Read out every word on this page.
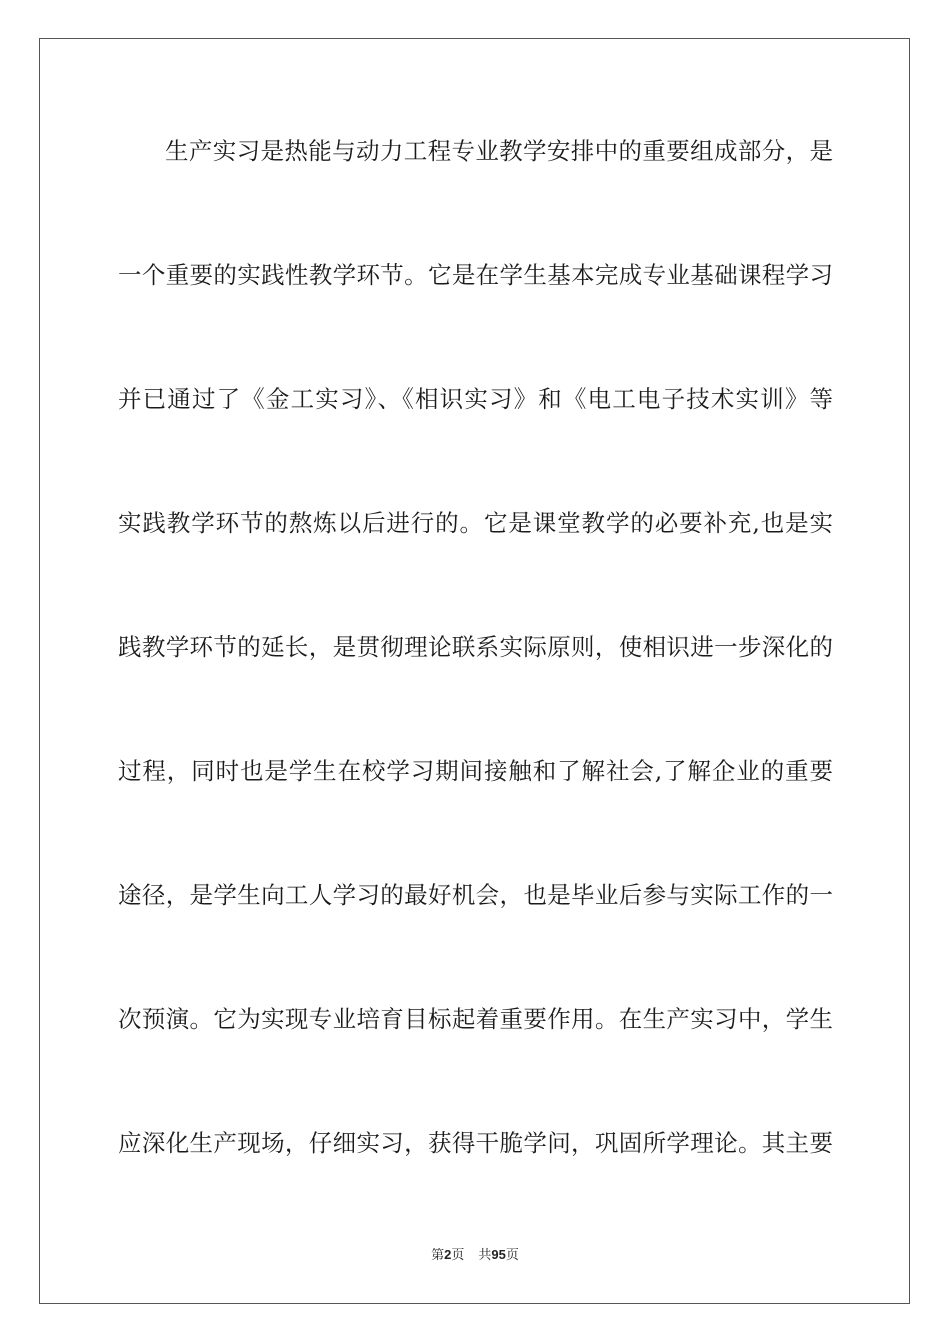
生产实习是热能与动力工程专业教学安排中的重要组成部分，是
一个重要的实践性教学环节。它是在学生基本完成专业基础课程学习
并已通过了《金工实习》、《相识实习》和《电工电子技术实训》等
实践教学环节的熬炼以后进行的。它是课堂教学的必要补充,也是实
践教学环节的延长，是贯彻理论联系实际原则，使相识进一步深化的
过程，同时也是学生在校学习期间接触和了解社会,了解企业的重要
途径，是学生向工人学习的最好机会，也是毕业后参与实际工作的一
次预演。它为实现专业培育目标起着重要作用。在生产实习中，学生
应深化生产现场，仔细实习，获得干脆学问，巩固所学理论。其主要
第2页 共95页
